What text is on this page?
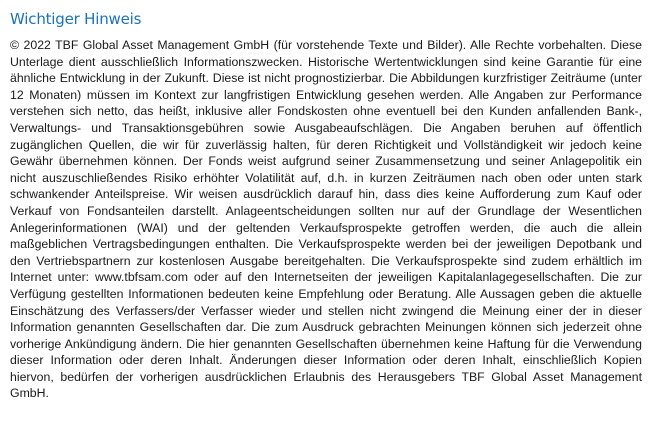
Wichtiger Hinweis

© 2022 TBF Global Asset Management GmbH (für vorstehende Texte und Bilder). Alle Rechte vorbehalten. Diese Unterlage dient ausschließlich Informationszwecken. Historische Wertentwicklungen sind keine Garantie für eine ähnliche Entwicklung in der Zukunft. Diese ist nicht prognostizierbar. Die Abbildungen kurzfristiger Zeiträume (unter 12 Monaten) müssen im Kontext zur langfristigen Entwicklung gesehen werden. Alle Angaben zur Performance verstehen sich netto, das heißt, inklusive aller Fondskosten ohne eventuell bei den Kunden anfallenden Bank-, Verwaltungs- und Transaktionsgebühren sowie Ausgabeaufschlägen. Die Angaben beruhen auf öffentlich zugänglichen Quellen, die wir für zuverlässig halten, für deren Richtigkeit und Vollständigkeit wir jedoch keine Gewähr übernehmen können. Der Fonds weist aufgrund seiner Zusammensetzung und seiner Anlagepolitik ein nicht auszuschließendes Risiko erhöhter Volatilität auf, d.h. in kurzen Zeiträumen nach oben oder unten stark schwankender Anteilspreise. Wir weisen ausdrücklich darauf hin, dass dies keine Aufforderung zum Kauf oder Verkauf von Fondsanteilen darstellt. Anlageentscheidungen sollten nur auf der Grundlage der Wesentlichen Anlegerinformationen (WAI) und der geltenden Verkaufsprospekte getroffen werden, die auch die allein maßgeblichen Vertragsbedingungen enthalten. Die Verkaufsprospekte werden bei der jeweiligen Depotbank und den Vertriebspartnern zur kostenlosen Ausgabe bereitgehalten. Die Verkaufsprospekte sind zudem erhältlich im Internet unter: www.tbfsam.com oder auf den Internetseiten der jeweiligen Kapitalanlagegesellschaften. Die zur Verfügung gestellten Informationen bedeuten keine Empfehlung oder Beratung. Alle Aussagen geben die aktuelle Einschätzung des Verfassers/der Verfasser wieder und stellen nicht zwingend die Meinung einer der in dieser Information genannten Gesellschaften dar. Die zum Ausdruck gebrachten Meinungen können sich jederzeit ohne vorherige Ankündigung ändern. Die hier genannten Gesellschaften übernehmen keine Haftung für die Verwendung dieser Information oder deren Inhalt. Änderungen dieser Information oder deren Inhalt, einschließlich Kopien hiervon, bedürfen der vorherigen ausdrücklichen Erlaubnis des Herausgebers TBF Global Asset Management GmbH.
